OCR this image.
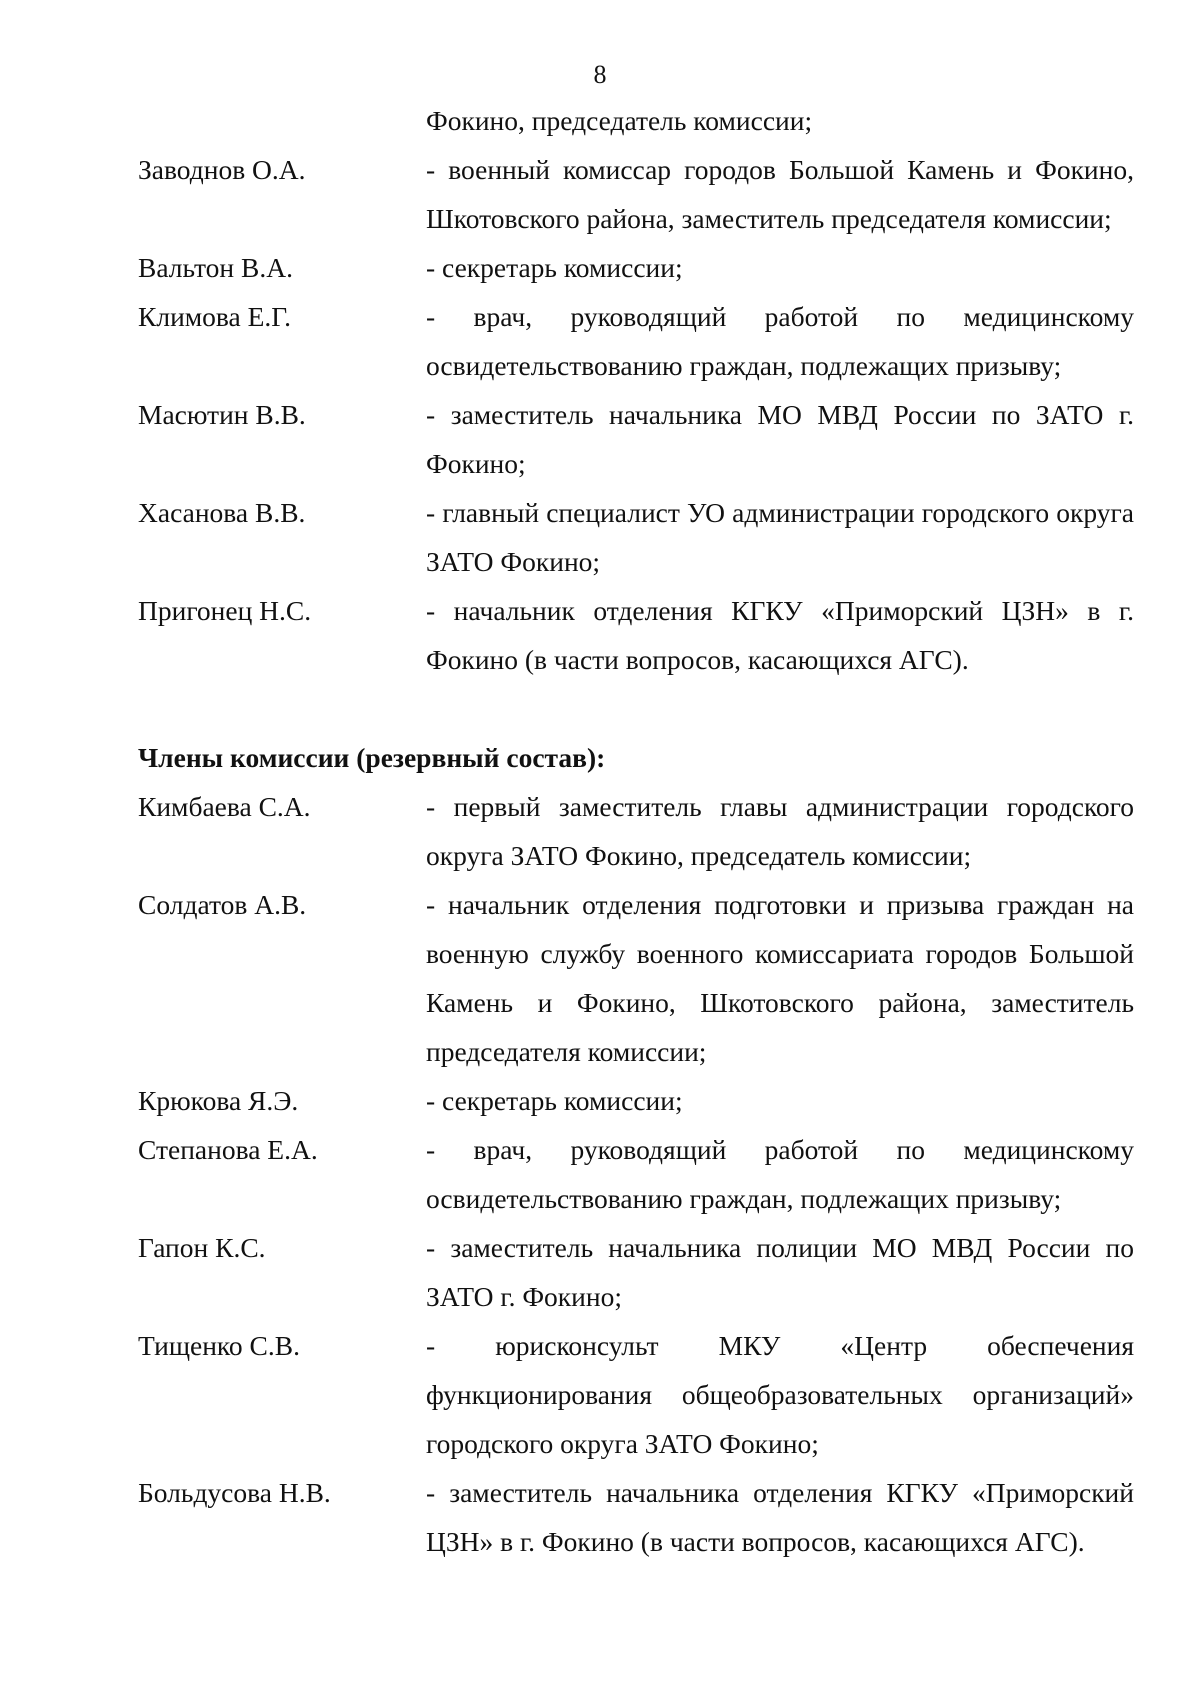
8
Фокино, председатель комиссии;
Заводнов О.А.	- военный комиссар городов Большой Камень и Фокино, Шкотовского района, заместитель председателя комиссии;
Вальтон В.А.	- секретарь комиссии;
Климова Е.Г.	- врач, руководящий работой по медицинскому освидетельствованию граждан, подлежащих призыву;
Масютин В.В.	- заместитель начальника МО МВД России по ЗАТО г. Фокино;
Хасанова В.В.	- главный специалист УО администрации городского округа ЗАТО Фокино;
Пригонец Н.С.	- начальник отделения КГКУ «Приморский ЦЗН» в г. Фокино (в части вопросов, касающихся АГС).
Члены комиссии (резервный состав):
Кимбаева С.А.	- первый заместитель главы администрации городского округа ЗАТО Фокино, председатель комиссии;
Солдатов А.В.	- начальник отделения подготовки и призыва граждан на военную службу военного комиссариата городов Большой Камень и Фокино, Шкотовского района, заместитель председателя комиссии;
Крюкова Я.Э.	- секретарь комиссии;
Степанова Е.А.	- врач, руководящий работой по медицинскому освидетельствованию граждан, подлежащих призыву;
Гапон К.С.	- заместитель начальника полиции МО МВД России по ЗАТО г. Фокино;
Тищенко С.В.	- юрисконсульт МКУ «Центр обеспечения функционирования общеобразовательных организаций» городского округа ЗАТО Фокино;
Больдусова Н.В.	- заместитель начальника отделения КГКУ «Приморский ЦЗН» в г. Фокино (в части вопросов, касающихся АГС).
